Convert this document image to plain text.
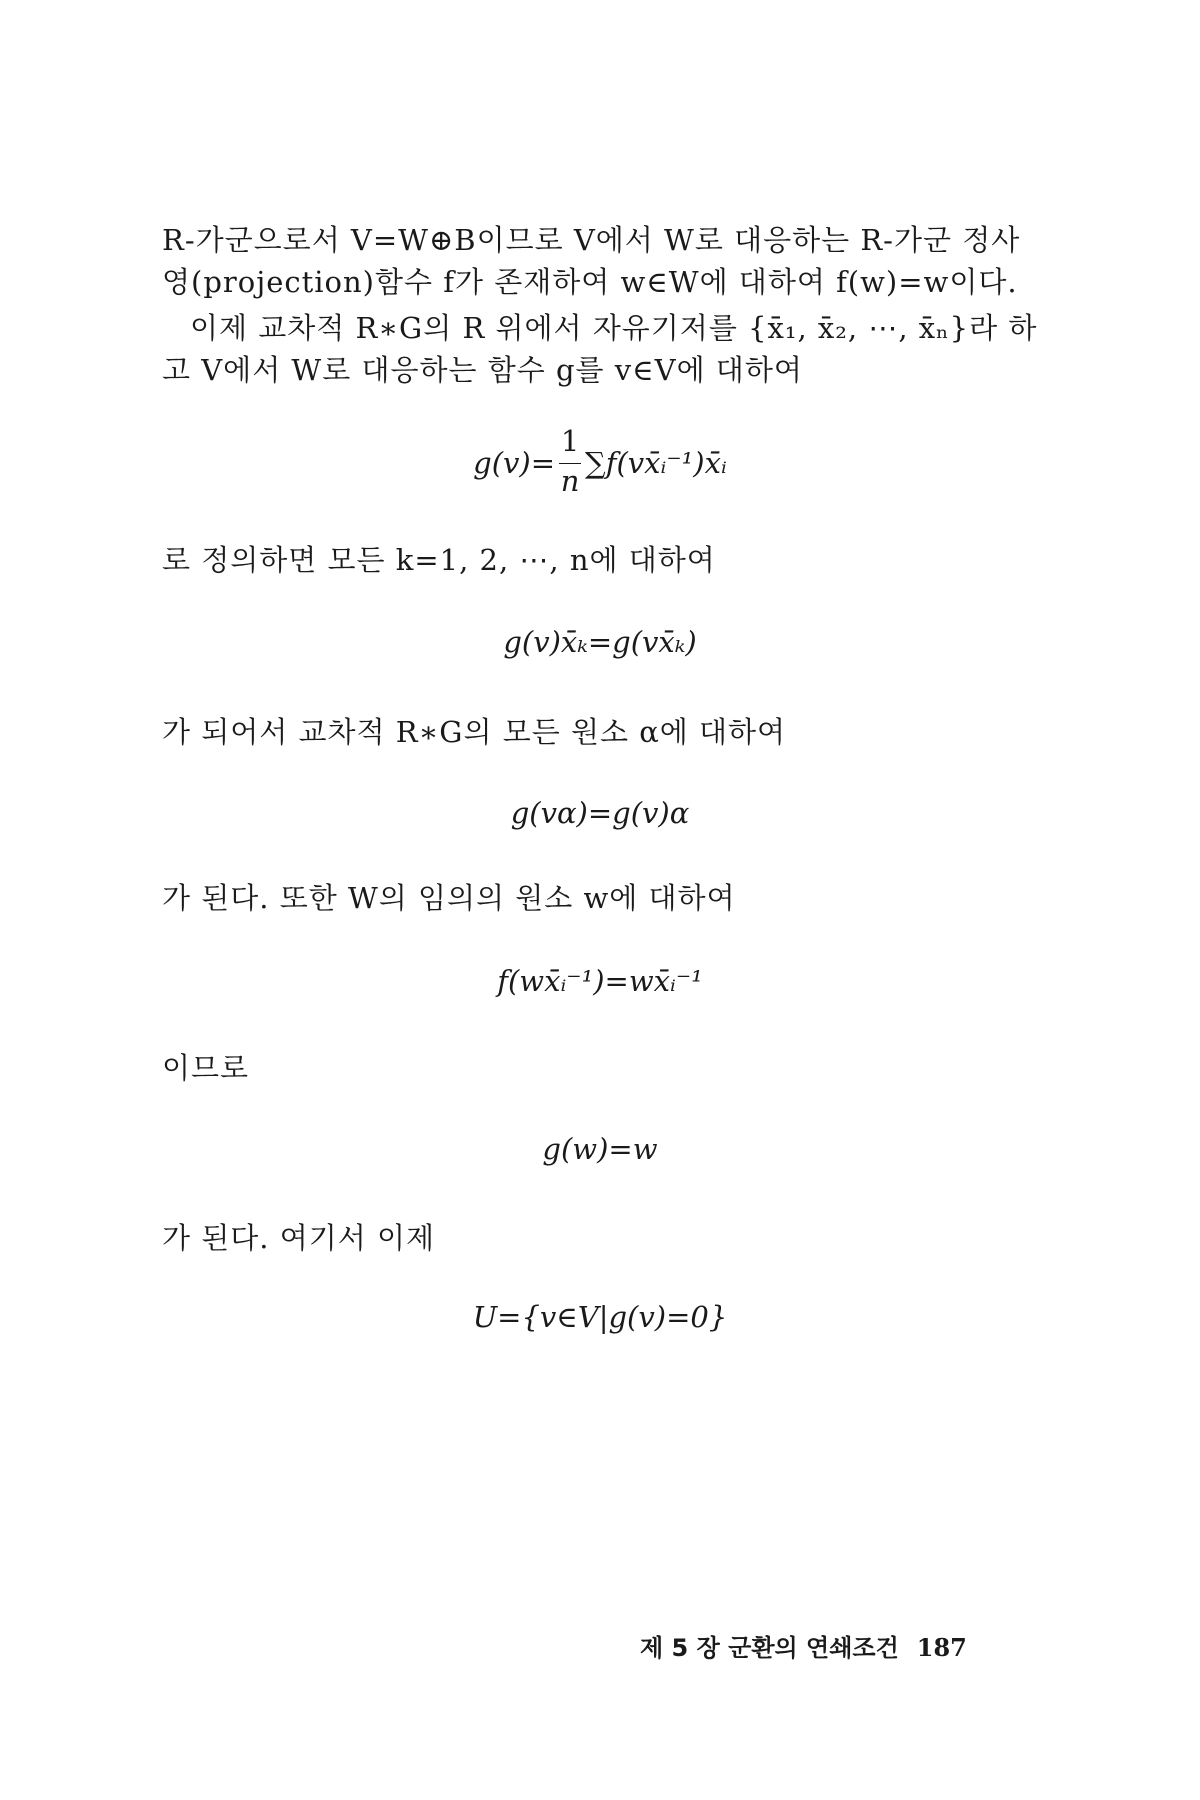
R-가군으로서 V=W⊕B이므로 V에서 W로 대응하는 R-가군 정사
영(projection)함수 f가 존재하여 w∈W에 대하여 f(w)=w이다.
이제 교차적 R∗G의 R 위에서 자유기저를 {x̄₁, x̄₂, ⋯, x̄ₙ}라 하
고 V에서 W로 대응하는 함수 g를 v∈V에 대하여
$g(v)= \frac{1}{n}$ ∑f(vx̄ᵢ⁻¹)x̄ᵢ
로 정의하면 모든 k=1, 2, ⋯, n에 대하여
g(v)x̄ₖ=g(vx̄ₖ)
가 되어서 교차적 R∗G의 모든 원소 α에 대하여
g(vα)=g(v)α
가 된다. 또한 W의 임의의 원소 w에 대하여
f(wx̄ᵢ⁻¹)=wx̄ᵢ⁻¹
이므로
g(w)=w
가 된다. 여기서 이제
U={v∈V|g(v)=0}
제 5 장 군환의 연쇄조건 187
